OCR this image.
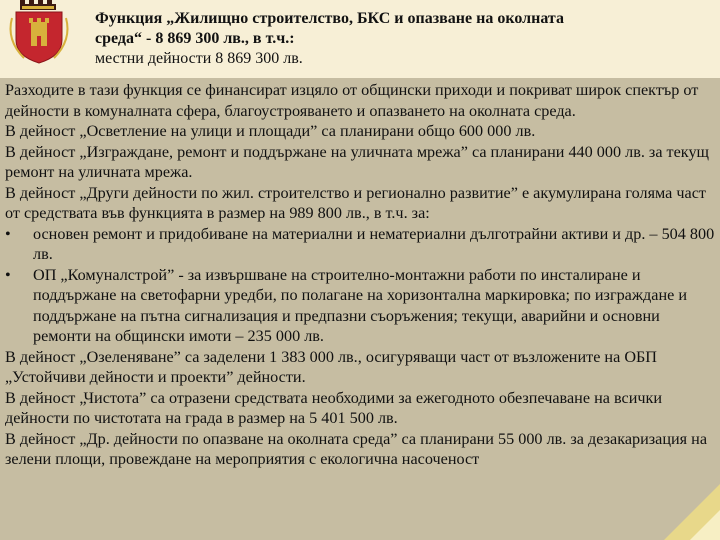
Функция „Жилищно строителство, БКС и опазване на околната
среда“ - 8 869 300 лв., в т.ч.:
местни дейности 8 869 300 лв.

Разходите в тази функция се финансират изцяло от общински приходи и покриват широк спектър от дейности в комуналната сфера, благоустрояването и опазването на околната среда.

В дейност „Осветление на улици и площади” са планирани общо 600 000 лв.

В дейност „Изграждане, ремонт и поддържане на уличната мрежа” са планирани 440 000 лв. за текущ ремонт на уличната мрежа.

В дейност „Други дейности по жил. строителство и регионално развитие” е акумулирана голяма част от средствата във функцията в размер на 989 800 лв., в т.ч. за:

•	основен ремонт и придобиване на материални и нематериални дълготрайни активи и др. – 504 800 лв.
•	ОП „Комуналстрой” - за извършване на строително-монтажни работи по инсталиране и поддържане на светофарни уредби, по полагане на хоризонтална маркировка; по изграждане и поддържане на пътна сигнализация и предпазни съоръжения; текущи, аварийни и основни ремонти на общински имоти – 235 000 лв.

В дейност „Озеленяване” са заделени 1 383 000 лв., осигуряващи част от възложените на ОБП „Устойчиви дейности и проекти” дейности.

В дейност „Чистота” са отразени средствата необходими за ежегодното обезпечаване на всички дейности по чистотата на града в размер на 5 401 500 лв.

В дейност „Др. дейности по опазване на околната среда” са планирани 55 000 лв. за дезакаризация на зелени площи, провеждане на мероприятия с екологична насоченост
